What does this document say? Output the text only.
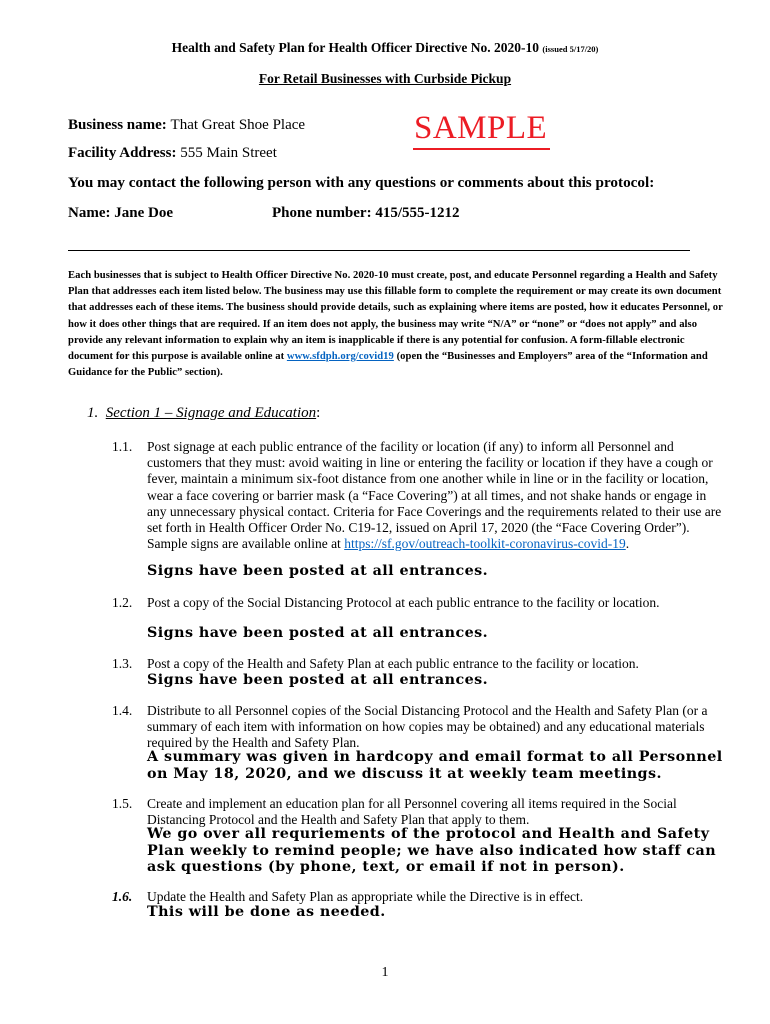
Health and Safety Plan for Health Officer Directive No. 2020-10 (issued 5/17/20)
For Retail Businesses with Curbside Pickup
Business name: That Great Shoe Place	SAMPLE
Facility Address: 555 Main Street
You may contact the following person with any questions or comments about this protocol:
Name: Jane Doe	Phone number: 415/555-1212
Each businesses that is subject to Health Officer Directive No. 2020-10 must create, post, and educate Personnel regarding a Health and Safety Plan that addresses each item listed below. The business may use this fillable form to complete the requirement or may create its own document that addresses each of these items. The business should provide details, such as explaining where items are posted, how it educates Personnel, or how it does other things that are required. If an item does not apply, the business may write “N/A” or “none” or “does not apply” and also provide any relevant information to explain why an item is inapplicable if there is any potential for confusion. A form-fillable electronic document for this purpose is available online at www.sfdph.org/covid19 (open the “Businesses and Employers” area of the “Information and Guidance for the Public” section).
1. Section 1 – Signage and Education:
1.1. Post signage at each public entrance of the facility or location (if any) to inform all Personnel and customers that they must: avoid waiting in line or entering the facility or location if they have a cough or fever, maintain a minimum six-foot distance from one another while in line or in the facility or location, wear a face covering or barrier mask (a “Face Covering”) at all times, and not shake hands or engage in any unnecessary physical contact. Criteria for Face Coverings and the requirements related to their use are set forth in Health Officer Order No. C19-12, issued on April 17, 2020 (the “Face Covering Order”). Sample signs are available online at https://sf.gov/outreach-toolkit-coronavirus-covid-19.
Signs have been posted at all entrances.
1.2. Post a copy of the Social Distancing Protocol at each public entrance to the facility or location.
Signs have been posted at all entrances.
1.3. Post a copy of the Health and Safety Plan at each public entrance to the facility or location.
Signs have been posted at all entrances.
1.4. Distribute to all Personnel copies of the Social Distancing Protocol and the Health and Safety Plan (or a summary of each item with information on how copies may be obtained) and any educational materials required by the Health and Safety Plan.
A summary was given in hardcopy and email format to all Personnel on May 18, 2020, and we discuss it at weekly team meetings.
1.5. Create and implement an education plan for all Personnel covering all items required in the Social Distancing Protocol and the Health and Safety Plan that apply to them.
We go over all requriements of the protocol and Health and Safety Plan weekly to remind people; we have also indicated how staff can ask questions (by phone, text, or email if not in person).
1.6. Update the Health and Safety Plan as appropriate while the Directive is in effect.
This will be done as needed.
1
